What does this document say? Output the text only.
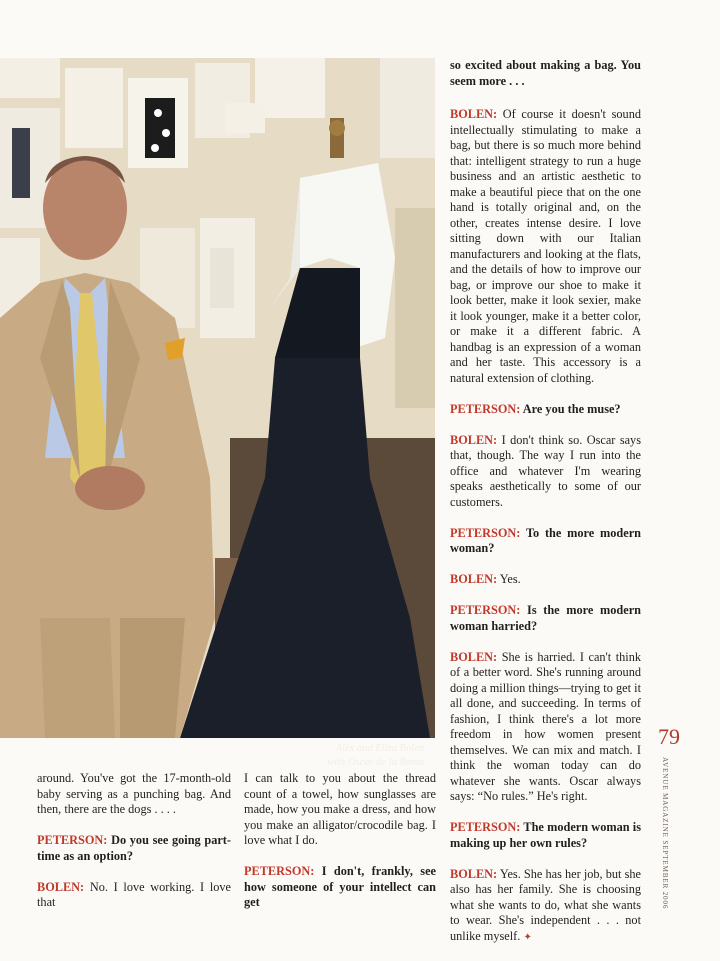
Alex and Eliza Bolen
with Oscar de la Renta

around. You've got the 17-month-old baby serving as a punching bag. And then, there are the dogs . . . .

PETERSON: Do you see going part-time as an option?

BOLEN: No. I love working. I love that

I can talk to you about the thread count of a towel, how sunglasses are made, how you make a dress, and how you make an alligator/crocodile bag. I love what I do.

PETERSON: I don't, frankly, see how someone of your intellect can get

so excited about making a bag. You seem more . . .

BOLEN: Of course it doesn't sound intellectually stimulating to make a bag, but there is so much more behind that: intelligent strategy to run a huge business and an artistic aesthetic to make a beautiful piece that on the one hand is totally original and, on the other, creates intense desire. I love sitting down with our Italian manufacturers and looking at the flats, and the details of how to improve our bag, or improve our shoe to make it look better, make it look sexier, make it look younger, make it a better color, or make it a different fabric. A handbag is an expression of a woman and her taste. This accessory is a natural extension of clothing.

PETERSON: Are you the muse?

BOLEN: I don't think so. Oscar says that, though. The way I run into the office and whatever I'm wearing speaks aesthetically to some of our customers.

PETERSON: To the more modern woman?

BOLEN: Yes.

PETERSON: Is the more modern woman harried?

BOLEN: She is harried. I can't think of a better word. She's running around doing a million things—trying to get it all done, and succeeding. In terms of fashion, I think there's a lot more freedom in how women present themselves. We can mix and match. I think the woman today can do whatever she wants. Oscar always says: “No rules.” He's right.

PETERSON: The modern woman is making up her own rules?

BOLEN: Yes. She has her job, but she also has her family. She is choosing what she wants to do, what she wants to wear. She's independent . . . not unlike myself. ✦

79
AVENUE MAGAZINE SEPTEMBER 2006
